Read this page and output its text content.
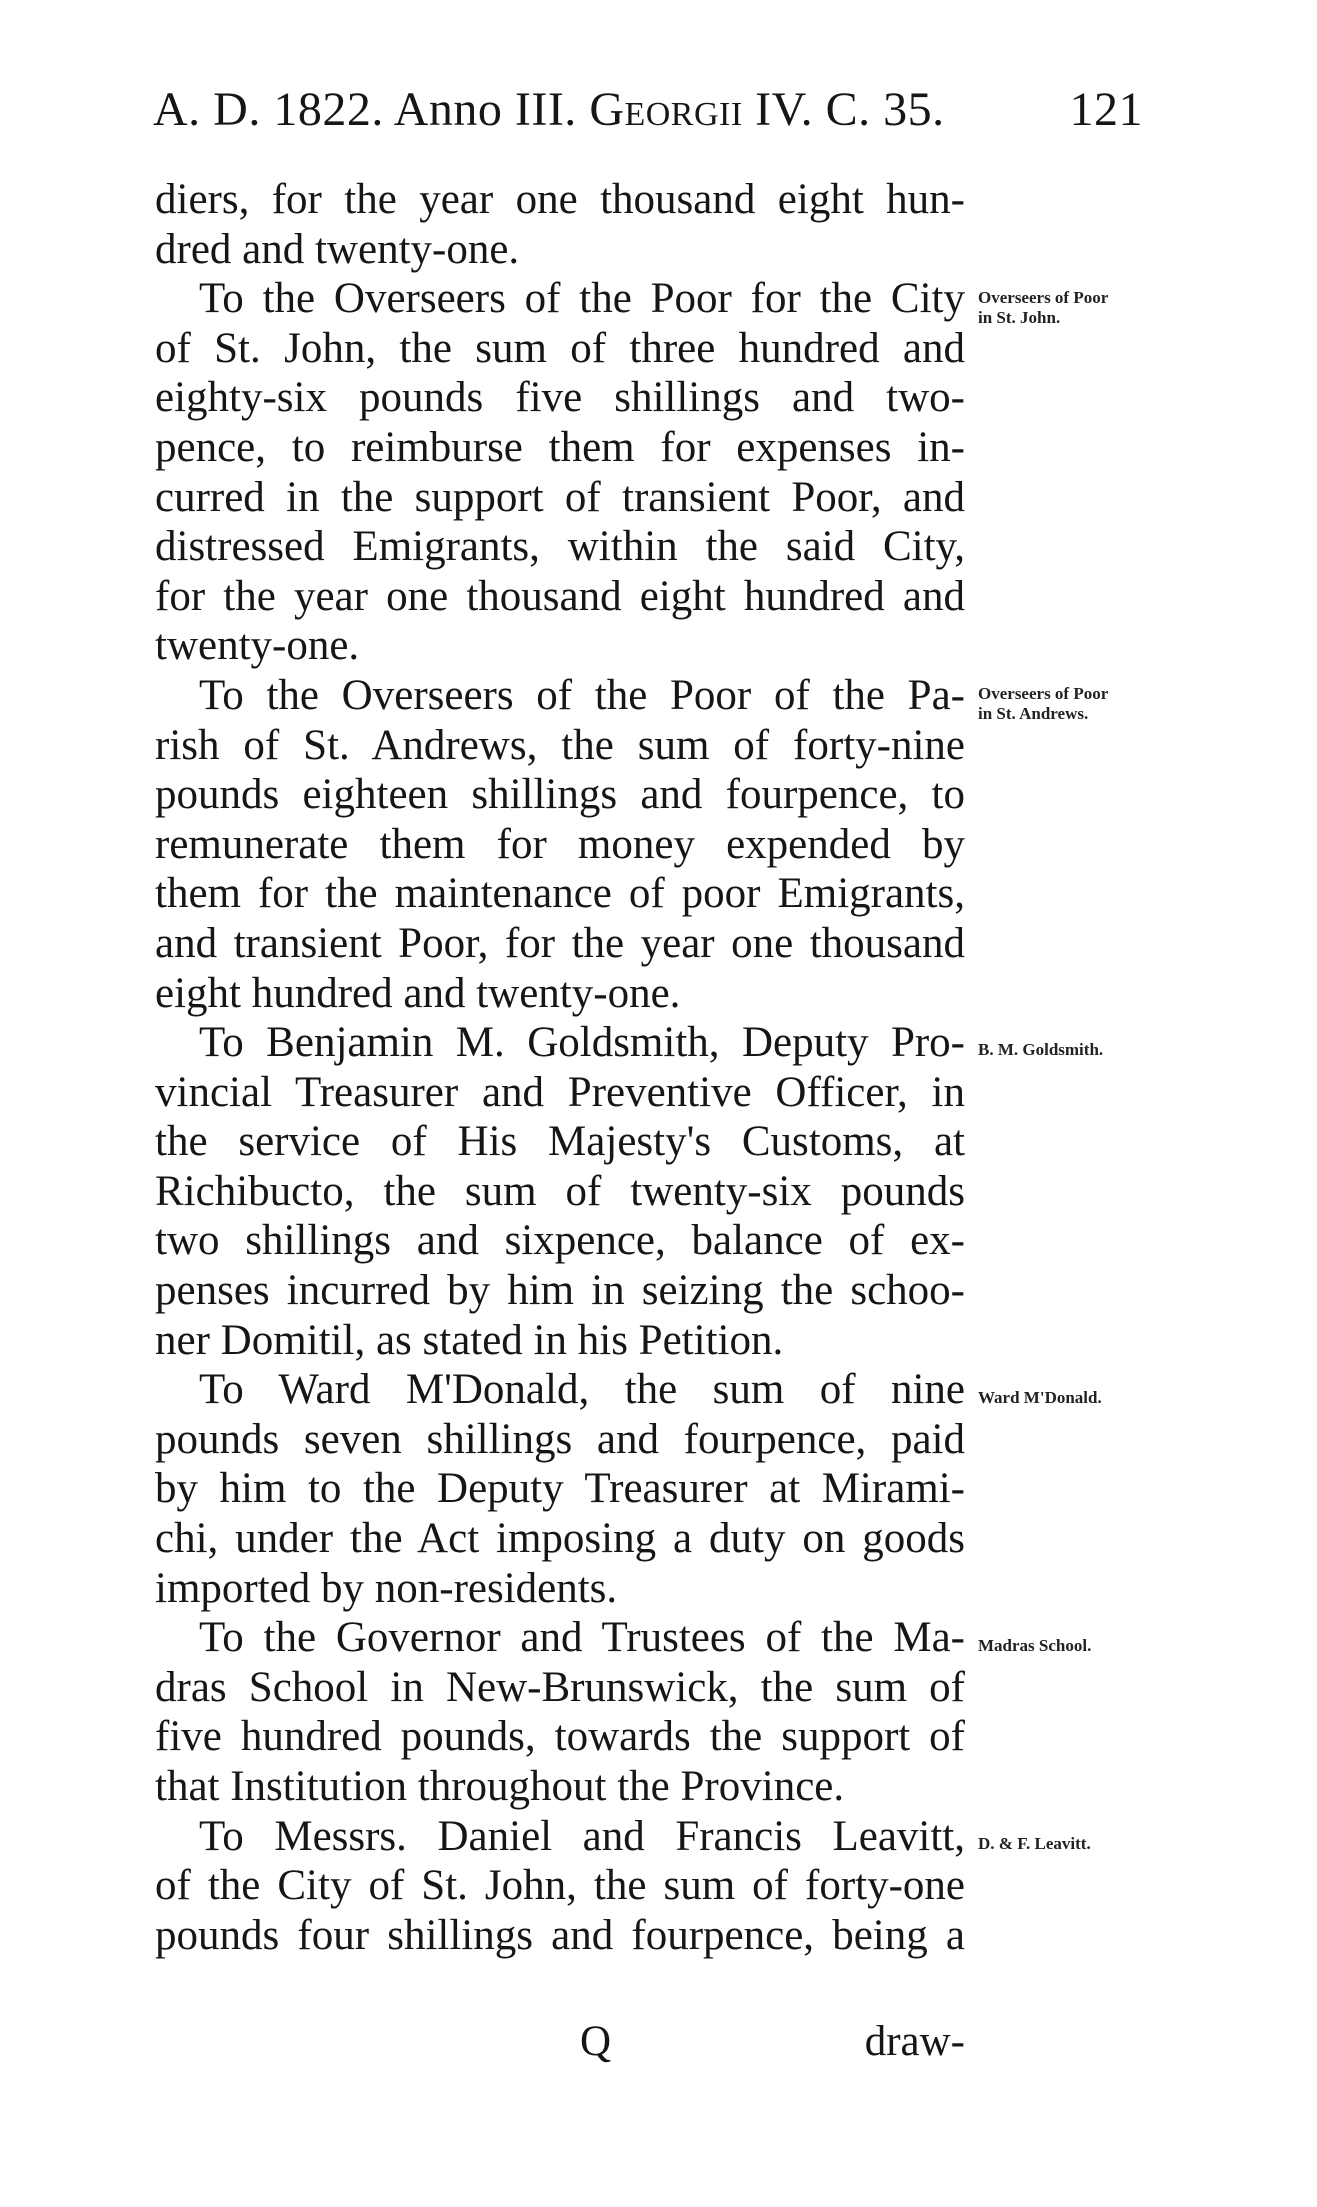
A. D. 1822. Anno III. Georgii IV. C. 35.	121
diers, for the year one thousand eight hun-
dred and twenty-one.
To the Overseers of the Poor for the City
of St. John, the sum of three hundred and
eighty-six pounds five shillings and two-
pence, to reimburse them for expenses in-
curred in the support of transient Poor, and
distressed Emigrants, within the said City,
for the year one thousand eight hundred and
twenty-one.
To the Overseers of the Poor of the Pa-
rish of St. Andrews, the sum of forty-nine
pounds eighteen shillings and fourpence, to
remunerate them for money expended by
them for the maintenance of poor Emigrants,
and transient Poor, for the year one thousand
eight hundred and twenty-one.
To Benjamin M. Goldsmith, Deputy Pro-
vincial Treasurer and Preventive Officer, in
the service of His Majesty's Customs, at
Richibucto, the sum of twenty-six pounds
two shillings and sixpence, balance of ex-
penses incurred by him in seizing the schoo-
ner Domitil, as stated in his Petition.
To Ward M'Donald, the sum of nine
pounds seven shillings and fourpence, paid
by him to the Deputy Treasurer at Mirami-
chi, under the Act imposing a duty on goods
imported by non-residents.
To the Governor and Trustees of the Ma-
dras School in New-Brunswick, the sum of
five hundred pounds, towards the support of
that Institution throughout the Province.
To Messrs. Daniel and Francis Leavitt,
of the City of St. John, the sum of forty-one
pounds four shillings and fourpence, being a
Overseers of Poor
in St. John.
Overseers of Poor
in St. Andrews.
B. M. Goldsmith.
Ward M'Donald.
Madras School.
D. & F. Leavitt.
Q	draw-
